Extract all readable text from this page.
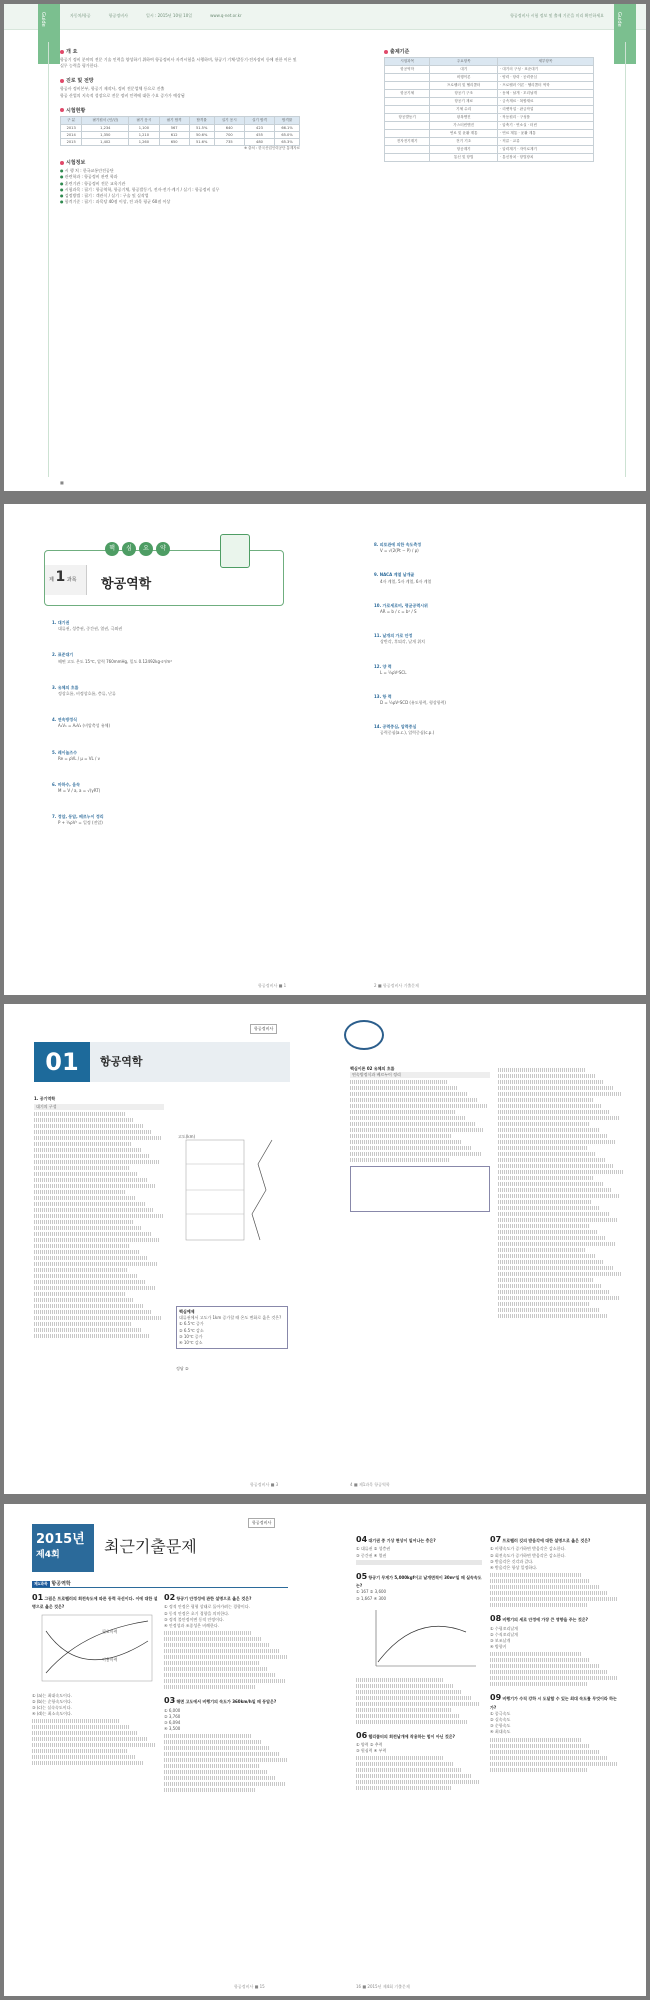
Guide	자동차/항공	항공정비사	일시 : 2015년 10월 10일	www.q-net.or.kr	항공정비사 시험 정보 및 출제 기준을 미리 확인하세요 Guide
개 요

항공기 정비 분야의 전문 기술 인력을 양성하기 위하여 항공정비사 자격시험을 시행하며, 항공기 기체·발동기·전자장비 등에 관한 이론 및 실무 능력을 평가한다.

진로 및 전망

항공사 정비본부, 항공기 제작사, 정비 전문업체 등으로 진출

항공 산업의 지속적 성장으로 전문 정비 인력에 대한 수요 증가가 예상됨

시험현황
구 분	필기원서 (인/년)	필기 응시	필기 합격	합격률	실기 응시	실기 합격	합격률
2013	1,234	1,100	567	51.5%	640	423	66.1%
2014	1,350	1,210	612	50.6%	700	455	65.0%
2015	1,402	1,260	650	51.6%	735	480	65.3%

※ 출처 : 한국산업인력공단 통계자료

시험정보
● 시 행 처 : 한국교통안전공단
● 관련학과 : 항공정비 관련 학과
● 훈련기관 : 항공정비 전문 교육기관
● 시험과목 : 필기 : 항공역학, 항공기체, 항공발동기, 전자·전기·계기 / 실기 : 항공정비 실무
● 검정방법 : 필기 : 객관식 / 실기 : 구술 및 실작업
● 합격기준 : 필기 : 과목당 40점 이상, 전 과목 평균 60점 이상
출제기준
시험과목	주요항목	세부항목
항공역학	대기	· 대기의 구성 · 표준대기
	비행이론	· 양력 · 항력 · 공력중심
	프로펠러 및 헬리콥터	· 프로펠러 이론 · 헬리콥터 역학
항공기체	항공기 구조	· 동체 · 날개 · 꼬리날개
	항공기 재료	· 금속재료 · 복합재료
	기체 수리	· 리벳작업 · 판금작업
항공발동기	왕복엔진	· 작동원리 · 구성품
	가스터빈엔진	· 압축기 · 연소실 · 터빈
	연료 및 윤활 계통	· 연료 계통 · 윤활 계통
전자전기계기	전기 기초	· 직류 · 교류
	항공계기	· 압력계기 · 자이로계기
	통신 및 항법	· 통신장치 · 항법장치
■
핵	심	요	약
제 1 과목	항공역학
1. 대기권
대류권, 성층권, 중간권, 열권, 극외권
2. 표준대기
해면 고도 온도 15℃, 압력 760mmHg, 밀도 0.12492kg·s²/m⁴
3. 유체의 흐름
정상흐름, 비정상흐름, 층류, 난류
4. 연속방정식
A₁V₁ = A₂V₂ (비압축성 유체)
5. 레이놀즈수
Re = ρVL / μ = VL / ν
6. 마하수, 음속
M = V / a, a = √(γRT)
7. 정압, 동압, 베르누이 정리
P + ½ρV² = 일정 (전압)
8. 피토관에 의한 속도측정
V = √(2(Pt − P) / ρ)
9. NACA 계열 날개골
4자 계열, 5자 계열, 6자 계열
10. 가로세로비, 평균공력시위
AR = b / c = b² / S
11. 날개의 가로 안정
상반각, 후퇴각, 날개 위치
12. 양 력
L = ½ρV²SCL
13. 항 력
D = ½ρV²SCD (유도항력, 형상항력)
14. 공력중심, 압력중심
공력중심(a.c.), 압력중심(c.p.)
항공정비사 ■ 1	2 ■ 항공정비사 기출문제
항공정비사
01	항공역학
1. 공기역학
대기의 구성
고도(km)
핵심예제
대류권에서 고도가 1km 증가할 때 온도 변화로 옳은 것은?
① 6.5℃ 증가
② 6.5℃ 감소
③ 10℃ 증가
④ 10℃ 감소
정답 ②
핵심이론 02 유체의 흐름
연속방정식과 베르누이 정리
항공정비사 ■ 3	4 ■ 제1과목 항공역학
항공정비사
2015년
제4회	최근기출문제
제1과목 항공역학
01 그림은 프로펠러의 회전속도에 따른 동력 곡선이다. 이에 대한 설명으로 옳은 것은?
필요마력
이용마력
① (a)는 최대속도이다.
② (b)는 순항속도이다.
③ (c)는 실속속도이다.
④ (d)는 최소속도이다.
02 항공기 안정성에 관한 설명으로 옳은 것은?
① 정적 안정은 평형 상태로 돌아가려는 경향이다.
② 동적 안정은 초기 경향을 의미한다.
③ 정적 불안정이면 동적 안정이다.
④ 안정성과 조종성은 비례한다.
03 해면 고도에서 비행기의 속도가 360km/h일 때 동압은?
① 6,000
② 3,760
③ 6,094
④ 3,500
04 대기권 중 기상 현상이 일어나는 층은?
① 대류권 ② 성층권
③ 중간권 ④ 열권
05 항공기 무게가 5,000kgf이고 날개면적이 30m²일 때 실속속도는?
① 167 ② 3,600
③ 1,667 ④ 300
06 헬리콥터의 회전날개에 작용하는 힘이 아닌 것은?
① 양력 ② 추력
③ 원심력 ④ 부력
07 프로펠러 깃의 받음각에 대한 설명으로 옳은 것은?
① 비행속도가 증가하면 받음각은 감소한다.
② 회전속도가 증가하면 받음각은 감소한다.
③ 받음각은 깃각과 같다.
④ 받음각은 항상 일정하다.
08 비행기의 세로 안정에 가장 큰 영향을 주는 것은?
① 수평꼬리날개
② 수직꼬리날개
③ 보조날개
④ 방향키
09 비행기가 수직 강하 시 도달할 수 있는 최대 속도를 무엇이라 하는가?
① 종극속도
② 실속속도
③ 순항속도
④ 최대속도
항공정비사 ■ 15	16 ■ 2015년 제4회 기출문제
